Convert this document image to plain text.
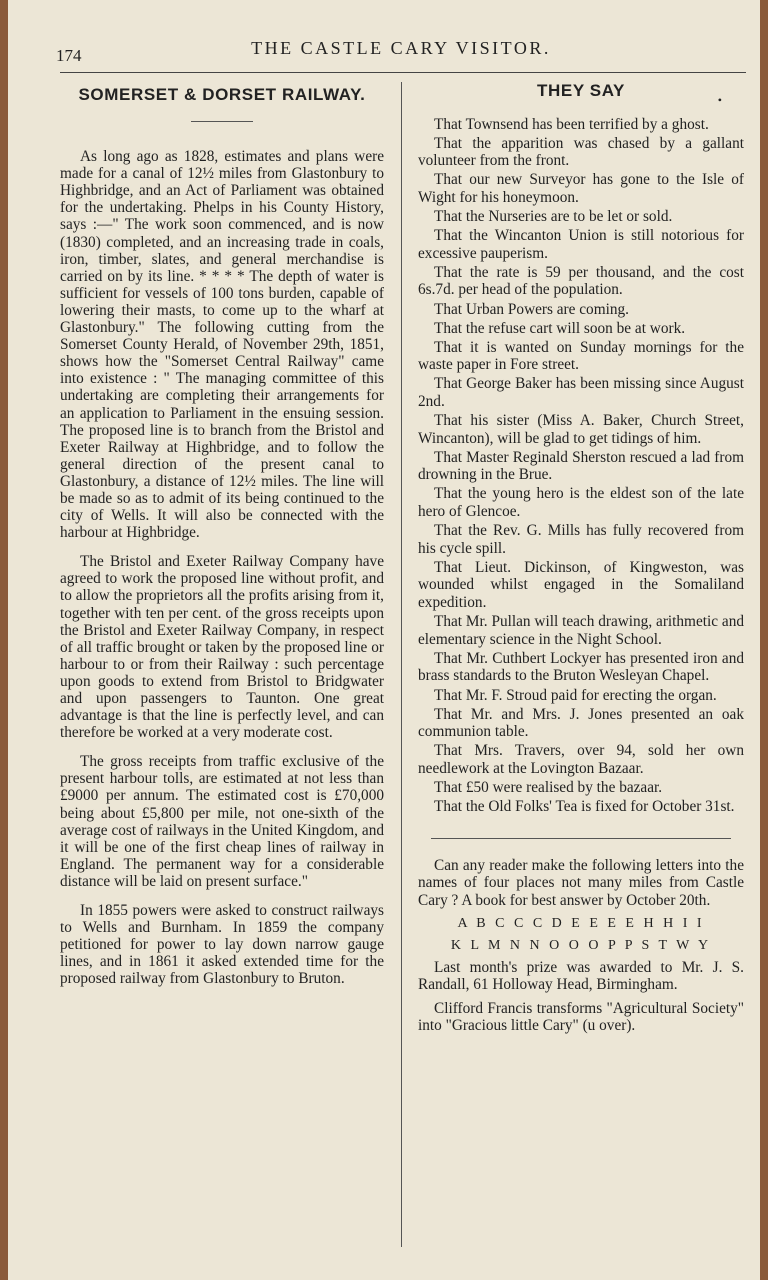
174	THE CASTLE CARY VISITOR.
SOMERSET & DORSET RAILWAY.

As long ago as 1828, estimates and plans were made for a canal of 12½ miles from Glastonbury to Highbridge, and an Act of Parliament was obtained for the undertaking. Phelps in his County History, says :—" The work soon commenced, and is now (1830) completed, and an increasing trade in coals, iron, timber, slates, and general merchandise is carried on by its line. * * * * The depth of water is sufficient for vessels of 100 tons burden, capable of lowering their masts, to come up to the wharf at Glastonbury." The following cutting from the Somerset County Herald, of November 29th, 1851, shows how the "Somerset Central Railway" came into existence : " The managing committee of this undertaking are completing their arrangements for an application to Parliament in the ensuing session. The proposed line is to branch from the Bristol and Exeter Railway at Highbridge, and to follow the general direction of the present canal to Glastonbury, a distance of 12½ miles. The line will be made so as to admit of its being continued to the city of Wells. It will also be connected with the harbour at Highbridge.

The Bristol and Exeter Railway Company have agreed to work the proposed line without profit, and to allow the proprietors all the profits arising from it, together with ten per cent. of the gross receipts upon the Bristol and Exeter Railway Company, in respect of all traffic brought or taken by the proposed line or harbour to or from their Railway : such percentage upon goods to extend from Bristol to Bridgwater and upon passengers to Taunton. One great advantage is that the line is perfectly level, and can therefore be worked at a very moderate cost.

The gross receipts from traffic exclusive of the present harbour tolls, are estimated at not less than £9000 per annum. The estimated cost is £70,000 being about £5,800 per mile, not one-sixth of the average cost of railways in the United Kingdom, and it will be one of the first cheap lines of railway in England. The permanent way for a considerable distance will be laid on present surface."

In 1855 powers were asked to construct railways to Wells and Burnham. In 1859 the company petitioned for power to lay down narrow gauge lines, and in 1861 it asked extended time for the proposed railway from Glastonbury to Bruton.

•
THEY SAY
That Townsend has been terrified by a ghost.
That the apparition was chased by a gallant volunteer from the front.
That our new Surveyor has gone to the Isle of Wight for his honeymoon.
That the Nurseries are to be let or sold.
That the Wincanton Union is still notorious for excessive pauperism.
That the rate is 59 per thousand, and the cost 6s.7d. per head of the population.
That Urban Powers are coming.
That the refuse cart will soon be at work.
That it is wanted on Sunday mornings for the waste paper in Fore street.
That George Baker has been missing since August 2nd.
That his sister (Miss A. Baker, Church Street, Wincanton), will be glad to get tidings of him.
That Master Reginald Sherston rescued a lad from drowning in the Brue.
That the young hero is the eldest son of the late hero of Glencoe.
That the Rev. G. Mills has fully recovered from his cycle spill.
That Lieut. Dickinson, of Kingweston, was wounded whilst engaged in the Somaliland expedition.
That Mr. Pullan will teach drawing, arithmetic and elementary science in the Night School.
That Mr. Cuthbert Lockyer has presented iron and brass standards to the Bruton Wesleyan Chapel.
That Mr. F. Stroud paid for erecting the organ.
That Mr. and Mrs. J. Jones presented an oak communion table.
That Mrs. Travers, over 94, sold her own needlework at the Lovington Bazaar.
That £50 were realised by the bazaar.
That the Old Folks' Tea is fixed for October 31st.

Can any reader make the following letters into the names of four places not many miles from Castle Cary ? A book for best answer by October 20th.

A B C C C D E E E E H H I I
K L M N N O O O P P S T W Y

Last month's prize was awarded to Mr. J. S. Randall, 61 Holloway Head, Birmingham.

Clifford Francis transforms "Agricultural Society" into "Gracious little Cary" (u over).
